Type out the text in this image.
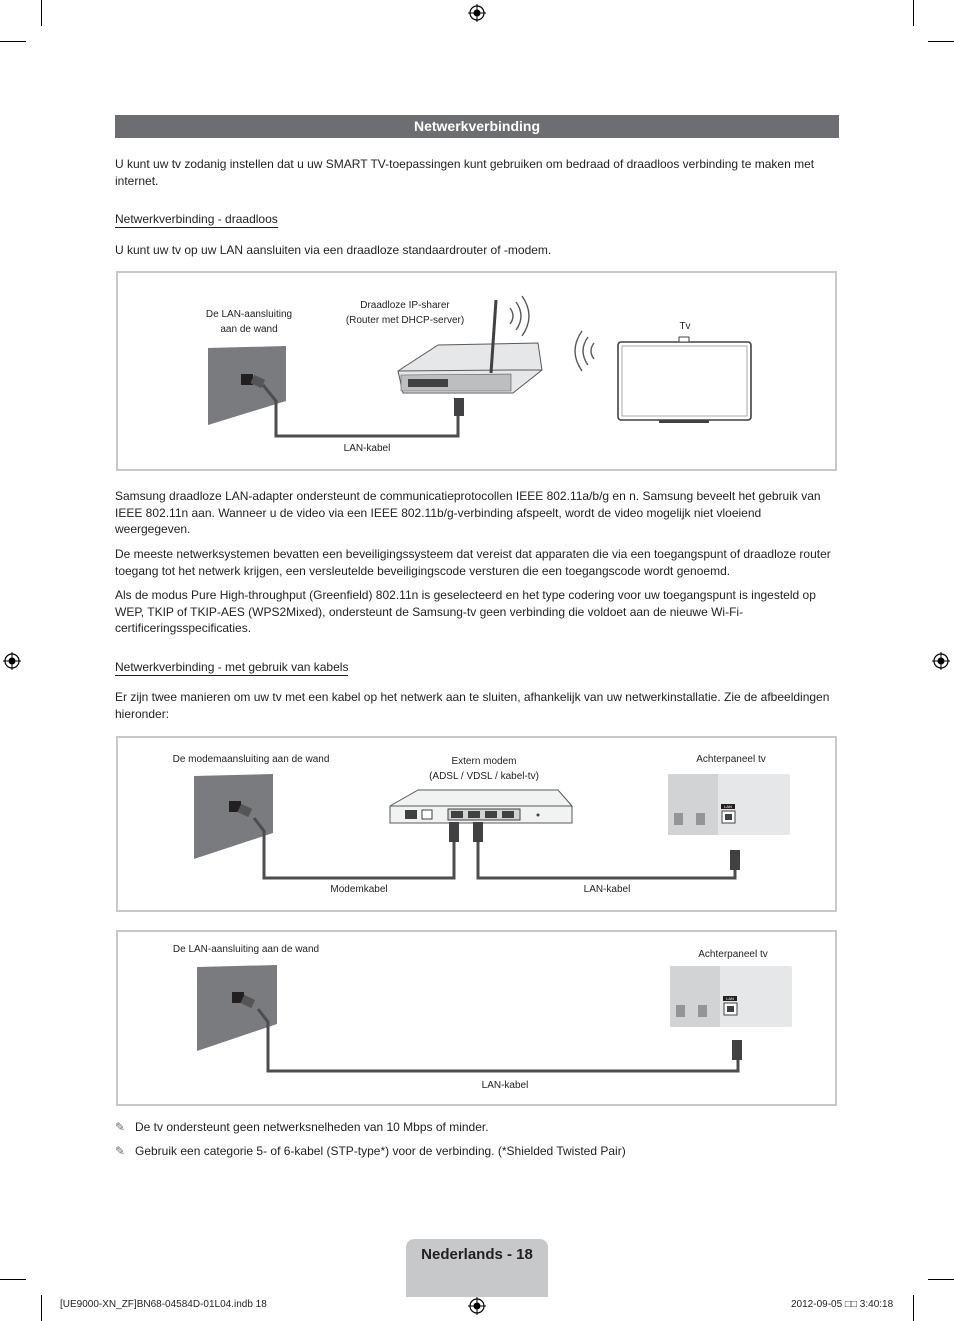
Netwerkverbinding

U kunt uw tv zodanig instellen dat u uw SMART TV-toepassingen kunt gebruiken om bedraad of draadloos verbinding te maken met internet.

Netwerkverbinding - draadloos

U kunt uw tv op uw LAN aansluiten via een draadloze standaardrouter of -modem.

De LAN-aansluiting
aan de wand
Draadloze IP-sharer
(Router met DHCP-server)
Tv
LAN-kabel

Samsung draadloze LAN-adapter ondersteunt de communicatieprotocollen IEEE 802.11a/b/g en n. Samsung beveelt het gebruik van IEEE 802.11n aan. Wanneer u de video via een IEEE 802.11b/g-verbinding afspeelt, wordt de video mogelijk niet vloeiend weergegeven.

De meeste netwerksystemen bevatten een beveiligingssysteem dat vereist dat apparaten die via een toegangspunt of draadloze router toegang tot het netwerk krijgen, een versleutelde beveiligingscode versturen die een toegangscode wordt genoemd.

Als de modus Pure High-throughput (Greenfield) 802.11n is geselecteerd en het type codering voor uw toegangspunt is ingesteld op WEP, TKIP of TKIP-AES (WPS2Mixed), ondersteunt de Samsung-tv geen verbinding die voldoet aan de nieuwe Wi-Fi-certificeringsspecificaties.

Netwerkverbinding - met gebruik van kabels

Er zijn twee manieren om uw tv met een kabel op het netwerk aan te sluiten, afhankelijk van uw netwerkinstallatie. Zie de afbeeldingen hieronder:

De modemaansluiting aan de wand	Extern modem
(ADSL / VDSL / kabel-tv)
Achterpaneel tv
LAN
Modemkabel	LAN-kabel
De LAN-aansluiting aan de wand	Achterpaneel tv
LAN
LAN-kabel
✎ De tv ondersteunt geen netwerksnelheden van 10 Mbps of minder.
✎ Gebruik een categorie 5- of 6-kabel (STP-type*) voor de verbinding. (*Shielded Twisted Pair)
Nederlands - 18
[UE9000-XN_ZF]BN68-04584D-01L04.indb 18	2012-09-05 □□ 3:40:18
